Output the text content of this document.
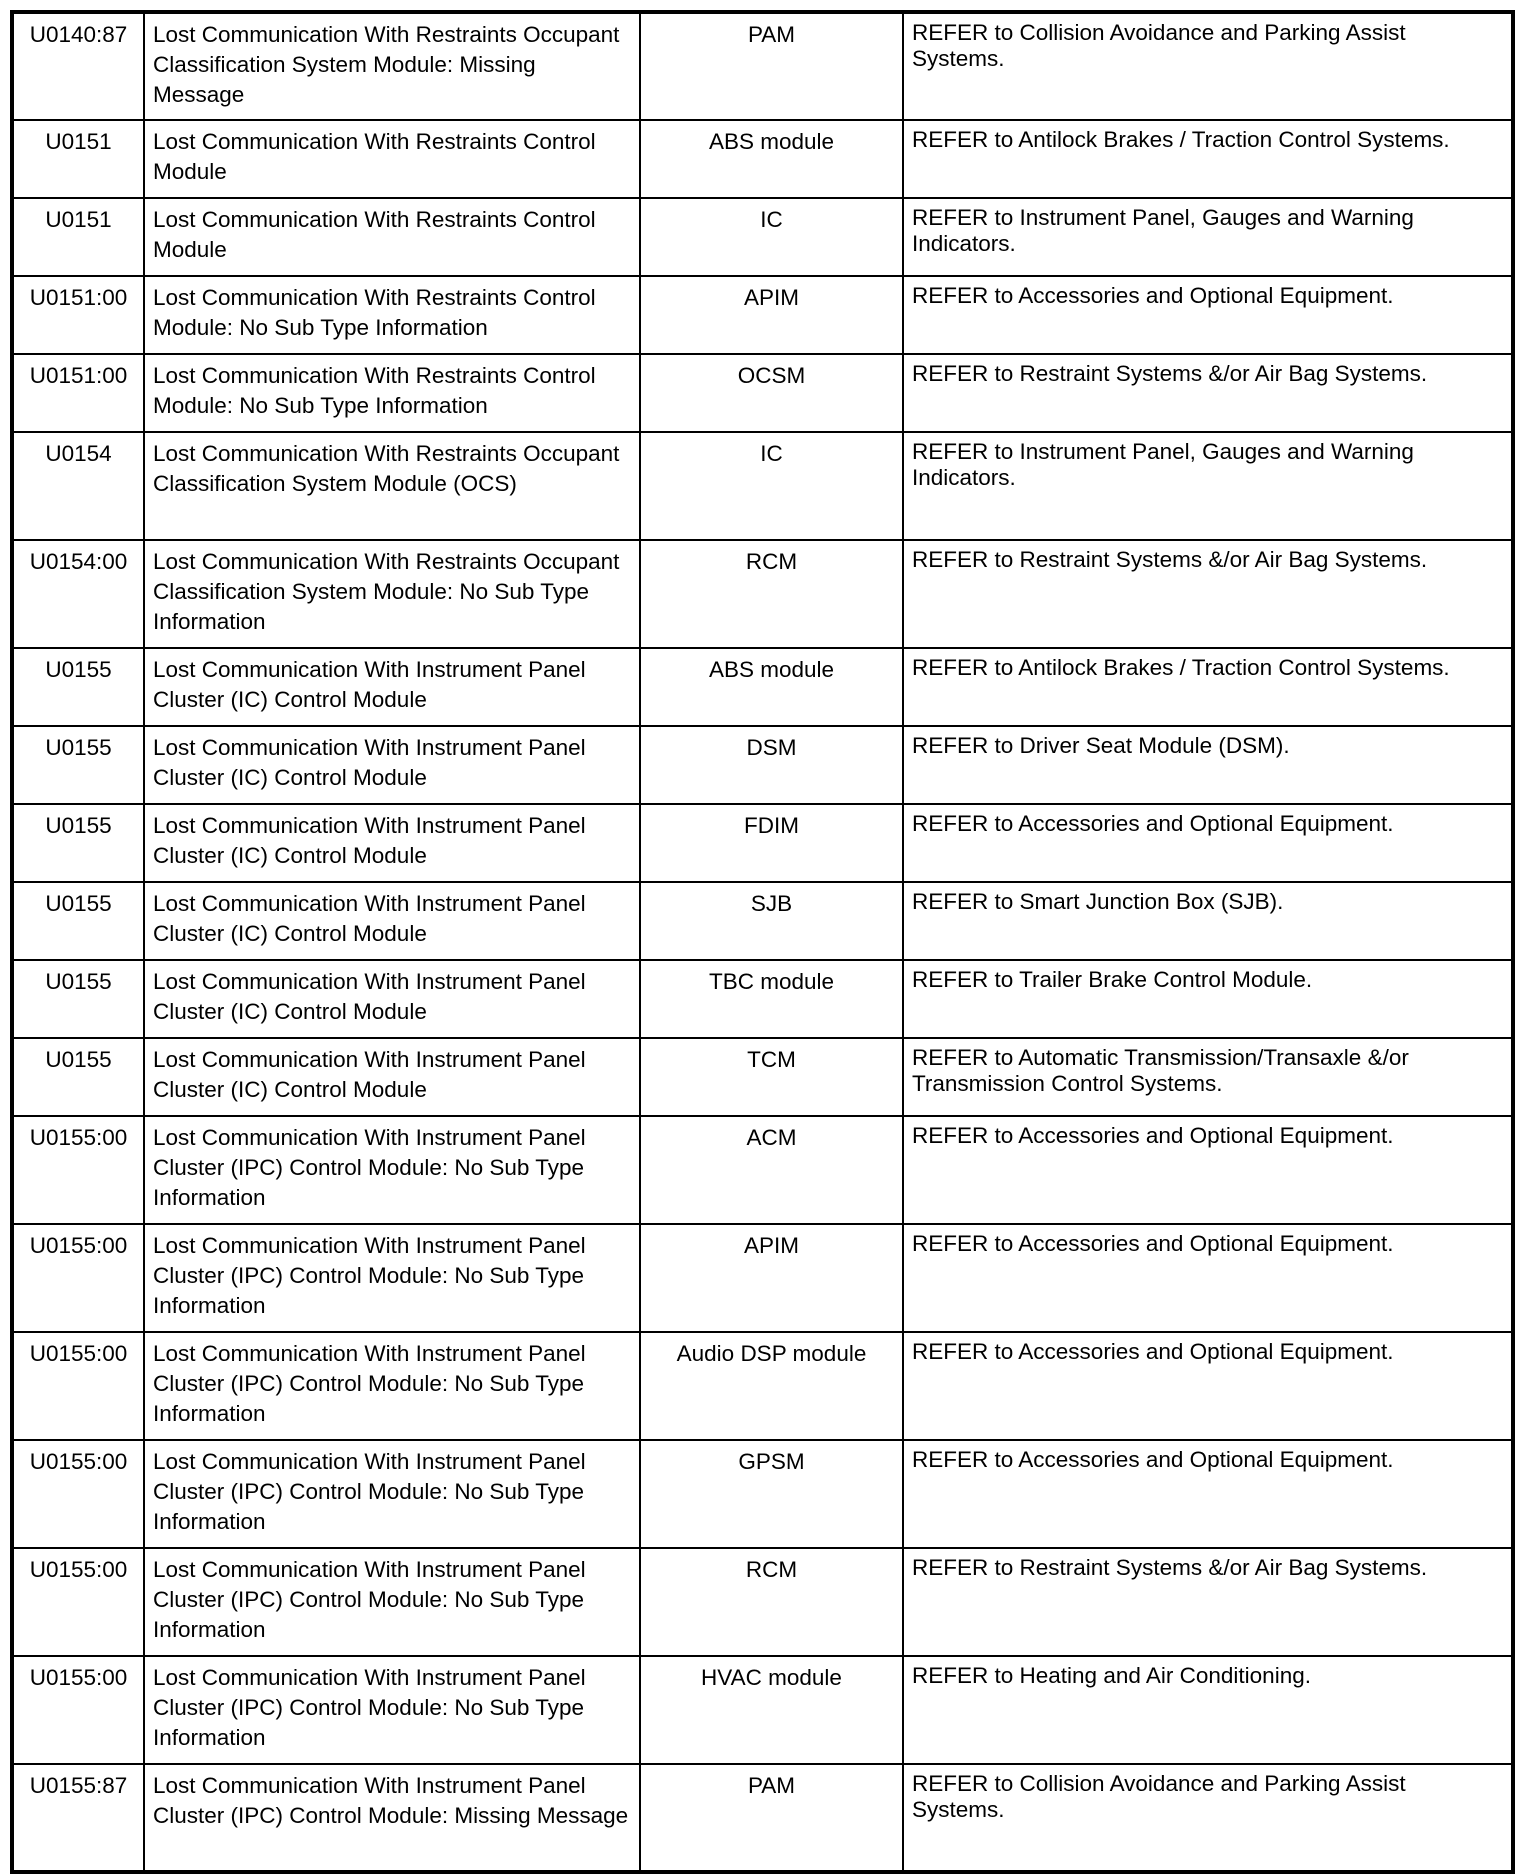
U0140:87	Lost Communication With Restraints Occupant Classification System Module: Missing Message	PAM	REFER to Collision Avoidance and Parking Assist Systems.
U0151	Lost Communication With Restraints Control Module	ABS module	REFER to Antilock Brakes / Traction Control Systems.
U0151	Lost Communication With Restraints Control Module	IC	REFER to Instrument Panel, Gauges and Warning Indicators.
U0151:00	Lost Communication With Restraints Control Module: No Sub Type Information	APIM	REFER to Accessories and Optional Equipment.
U0151:00	Lost Communication With Restraints Control Module: No Sub Type Information	OCSM	REFER to Restraint Systems &/or Air Bag Systems.
U0154	Lost Communication With Restraints Occupant Classification System Module (OCS)	IC	REFER to Instrument Panel, Gauges and Warning Indicators.
U0154:00	Lost Communication With Restraints Occupant Classification System Module: No Sub Type Information	RCM	REFER to Restraint Systems &/or Air Bag Systems.
U0155	Lost Communication With Instrument Panel Cluster (IC) Control Module	ABS module	REFER to Antilock Brakes / Traction Control Systems.
U0155	Lost Communication With Instrument Panel Cluster (IC) Control Module	DSM	REFER to Driver Seat Module (DSM).
U0155	Lost Communication With Instrument Panel Cluster (IC) Control Module	FDIM	REFER to Accessories and Optional Equipment.
U0155	Lost Communication With Instrument Panel Cluster (IC) Control Module	SJB	REFER to Smart Junction Box (SJB).
U0155	Lost Communication With Instrument Panel Cluster (IC) Control Module	TBC module	REFER to Trailer Brake Control Module.
U0155	Lost Communication With Instrument Panel Cluster (IC) Control Module	TCM	REFER to Automatic Transmission/Transaxle &/or Transmission Control Systems.
U0155:00	Lost Communication With Instrument Panel Cluster (IPC) Control Module: No Sub Type Information	ACM	REFER to Accessories and Optional Equipment.
U0155:00	Lost Communication With Instrument Panel Cluster (IPC) Control Module: No Sub Type Information	APIM	REFER to Accessories and Optional Equipment.
U0155:00	Lost Communication With Instrument Panel Cluster (IPC) Control Module: No Sub Type Information	Audio DSP module	REFER to Accessories and Optional Equipment.
U0155:00	Lost Communication With Instrument Panel Cluster (IPC) Control Module: No Sub Type Information	GPSM	REFER to Accessories and Optional Equipment.
U0155:00	Lost Communication With Instrument Panel Cluster (IPC) Control Module: No Sub Type Information	RCM	REFER to Restraint Systems &/or Air Bag Systems.
U0155:00	Lost Communication With Instrument Panel Cluster (IPC) Control Module: No Sub Type Information	HVAC module	REFER to Heating and Air Conditioning.
U0155:87	Lost Communication With Instrument Panel Cluster (IPC) Control Module: Missing Message	PAM	REFER to Collision Avoidance and Parking Assist Systems.
